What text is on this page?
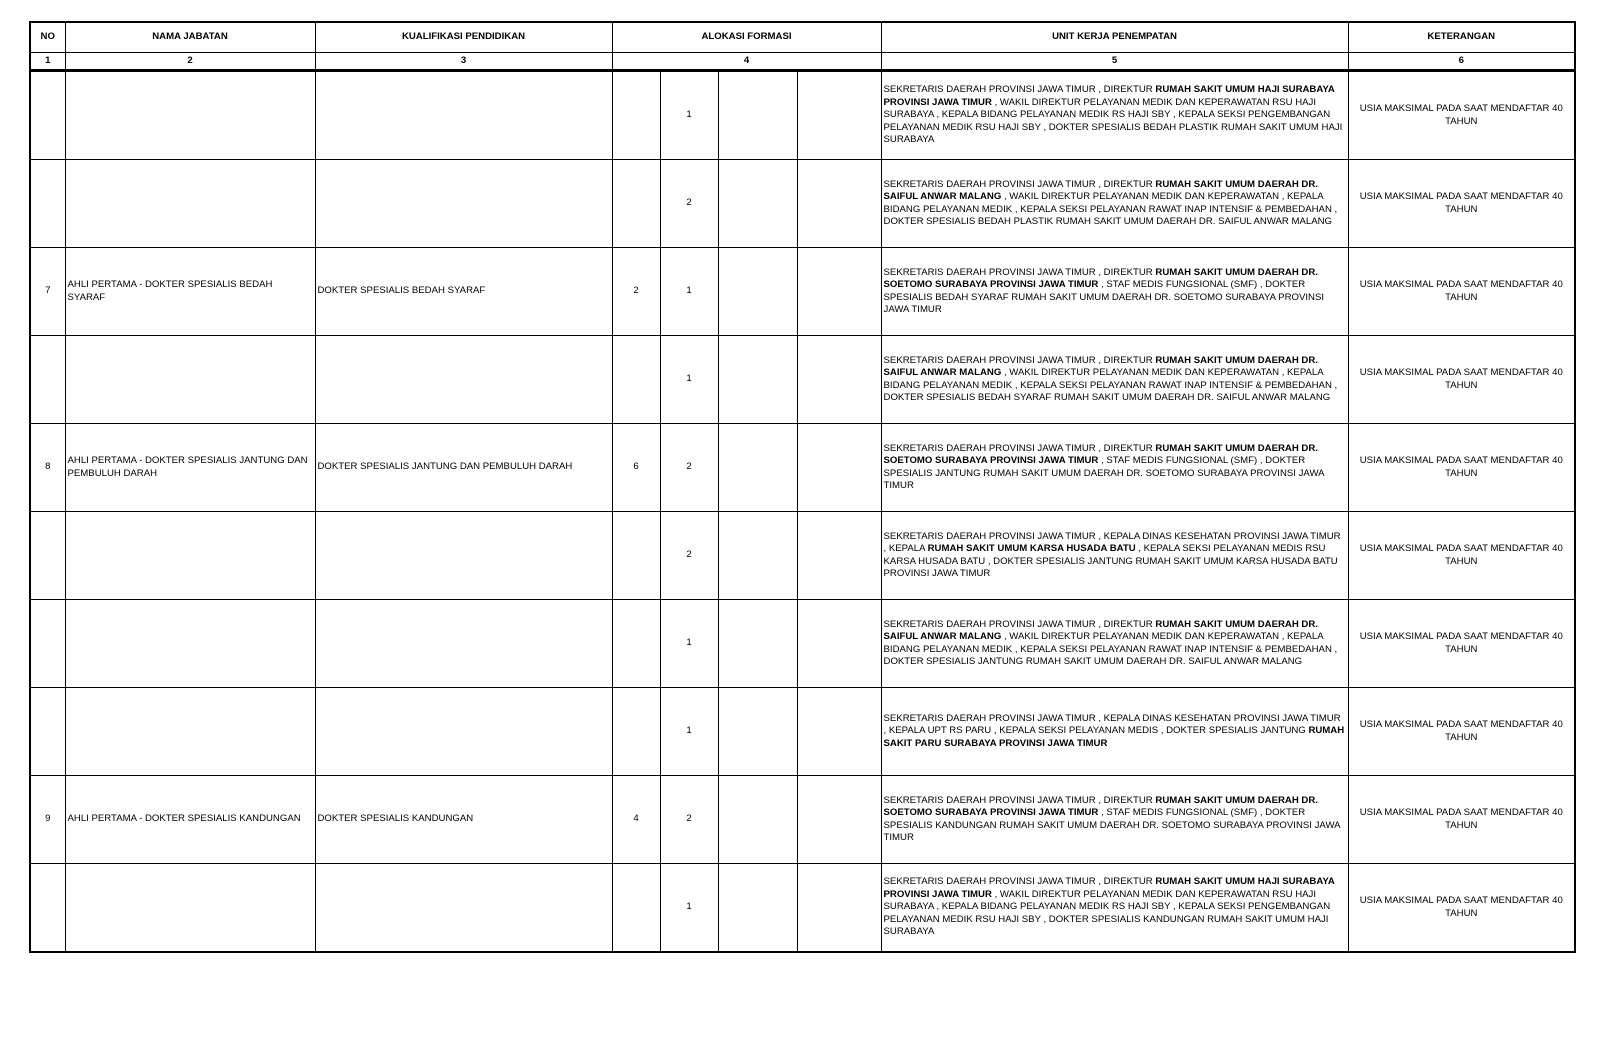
NO	NAMA JABATAN	KUALIFIKASI PENDIDIKAN	ALOKASI FORMASI				UNIT KERJA PENEMPATAN	KETERANGAN
1	2	3	4				5	6
				1			SEKRETARIS DAERAH PROVINSI JAWA TIMUR , DIREKTUR RUMAH SAKIT UMUM HAJI SURABAYA PROVINSI JAWA TIMUR , WAKIL DIREKTUR PELAYANAN MEDIK DAN KEPERAWATAN RSU HAJI SURABAYA , KEPALA BIDANG PELAYANAN MEDIK RS HAJI SBY , KEPALA SEKSI PENGEMBANGAN PELAYANAN MEDIK RSU HAJI SBY , DOKTER SPESIALIS BEDAH PLASTIK RUMAH SAKIT UMUM HAJI SURABAYA	USIA MAKSIMAL PADA SAAT MENDAFTAR 40 TAHUN
				2			SEKRETARIS DAERAH PROVINSI JAWA TIMUR , DIREKTUR RUMAH SAKIT UMUM DAERAH DR. SAIFUL ANWAR MALANG , WAKIL DIREKTUR PELAYANAN MEDIK DAN KEPERAWATAN , KEPALA BIDANG PELAYANAN MEDIK , KEPALA SEKSI PELAYANAN RAWAT INAP INTENSIF & PEMBEDAHAN , DOKTER SPESIALIS BEDAH PLASTIK RUMAH SAKIT UMUM DAERAH DR. SAIFUL ANWAR MALANG	USIA MAKSIMAL PADA SAAT MENDAFTAR 40 TAHUN
7	AHLI PERTAMA - DOKTER SPESIALIS BEDAH SYARAF	DOKTER SPESIALIS BEDAH SYARAF	2	1			SEKRETARIS DAERAH PROVINSI JAWA TIMUR , DIREKTUR RUMAH SAKIT UMUM DAERAH DR. SOETOMO SURABAYA PROVINSI JAWA TIMUR , STAF MEDIS FUNGSIONAL (SMF) , DOKTER SPESIALIS BEDAH SYARAF RUMAH SAKIT UMUM DAERAH DR. SOETOMO SURABAYA PROVINSI JAWA TIMUR	USIA MAKSIMAL PADA SAAT MENDAFTAR 40 TAHUN
				1			SEKRETARIS DAERAH PROVINSI JAWA TIMUR , DIREKTUR RUMAH SAKIT UMUM DAERAH DR. SAIFUL ANWAR MALANG , WAKIL DIREKTUR PELAYANAN MEDIK DAN KEPERAWATAN , KEPALA BIDANG PELAYANAN MEDIK , KEPALA SEKSI PELAYANAN RAWAT INAP INTENSIF & PEMBEDAHAN , DOKTER SPESIALIS BEDAH SYARAF RUMAH SAKIT UMUM DAERAH DR. SAIFUL ANWAR MALANG	USIA MAKSIMAL PADA SAAT MENDAFTAR 40 TAHUN
8	AHLI PERTAMA - DOKTER SPESIALIS JANTUNG DAN PEMBULUH DARAH	DOKTER SPESIALIS JANTUNG DAN PEMBULUH DARAH	6	2			SEKRETARIS DAERAH PROVINSI JAWA TIMUR , DIREKTUR RUMAH SAKIT UMUM DAERAH DR. SOETOMO SURABAYA PROVINSI JAWA TIMUR , STAF MEDIS FUNGSIONAL (SMF) , DOKTER SPESIALIS JANTUNG RUMAH SAKIT UMUM DAERAH DR. SOETOMO SURABAYA PROVINSI JAWA TIMUR	USIA MAKSIMAL PADA SAAT MENDAFTAR 40 TAHUN
				2			SEKRETARIS DAERAH PROVINSI JAWA TIMUR , KEPALA DINAS KESEHATAN PROVINSI JAWA TIMUR , KEPALA RUMAH SAKIT UMUM KARSA HUSADA BATU , KEPALA SEKSI PELAYANAN MEDIS RSU KARSA HUSADA BATU , DOKTER SPESIALIS JANTUNG RUMAH SAKIT UMUM KARSA HUSADA BATU PROVINSI JAWA TIMUR	USIA MAKSIMAL PADA SAAT MENDAFTAR 40 TAHUN
				1			SEKRETARIS DAERAH PROVINSI JAWA TIMUR , DIREKTUR RUMAH SAKIT UMUM DAERAH DR. SAIFUL ANWAR MALANG , WAKIL DIREKTUR PELAYANAN MEDIK DAN KEPERAWATAN , KEPALA BIDANG PELAYANAN MEDIK , KEPALA SEKSI PELAYANAN RAWAT INAP INTENSIF & PEMBEDAHAN , DOKTER SPESIALIS JANTUNG RUMAH SAKIT UMUM DAERAH DR. SAIFUL ANWAR MALANG	USIA MAKSIMAL PADA SAAT MENDAFTAR 40 TAHUN
				1			SEKRETARIS DAERAH PROVINSI JAWA TIMUR , KEPALA DINAS KESEHATAN PROVINSI JAWA TIMUR , KEPALA UPT RS PARU , KEPALA SEKSI PELAYANAN MEDIS , DOKTER SPESIALIS JANTUNG RUMAH SAKIT PARU SURABAYA PROVINSI JAWA TIMUR	USIA MAKSIMAL PADA SAAT MENDAFTAR 40 TAHUN
9	AHLI PERTAMA - DOKTER SPESIALIS KANDUNGAN	DOKTER SPESIALIS KANDUNGAN	4	2			SEKRETARIS DAERAH PROVINSI JAWA TIMUR , DIREKTUR RUMAH SAKIT UMUM DAERAH DR. SOETOMO SURABAYA PROVINSI JAWA TIMUR , STAF MEDIS FUNGSIONAL (SMF) , DOKTER SPESIALIS KANDUNGAN RUMAH SAKIT UMUM DAERAH DR. SOETOMO SURABAYA PROVINSI JAWA TIMUR	USIA MAKSIMAL PADA SAAT MENDAFTAR 40 TAHUN
				1			SEKRETARIS DAERAH PROVINSI JAWA TIMUR , DIREKTUR RUMAH SAKIT UMUM HAJI SURABAYA PROVINSI JAWA TIMUR , WAKIL DIREKTUR PELAYANAN MEDIK DAN KEPERAWATAN RSU HAJI SURABAYA , KEPALA BIDANG PELAYANAN MEDIK RS HAJI SBY , KEPALA SEKSI PENGEMBANGAN PELAYANAN MEDIK RSU HAJI SBY , DOKTER SPESIALIS KANDUNGAN RUMAH SAKIT UMUM HAJI SURABAYA	USIA MAKSIMAL PADA SAAT MENDAFTAR 40 TAHUN
